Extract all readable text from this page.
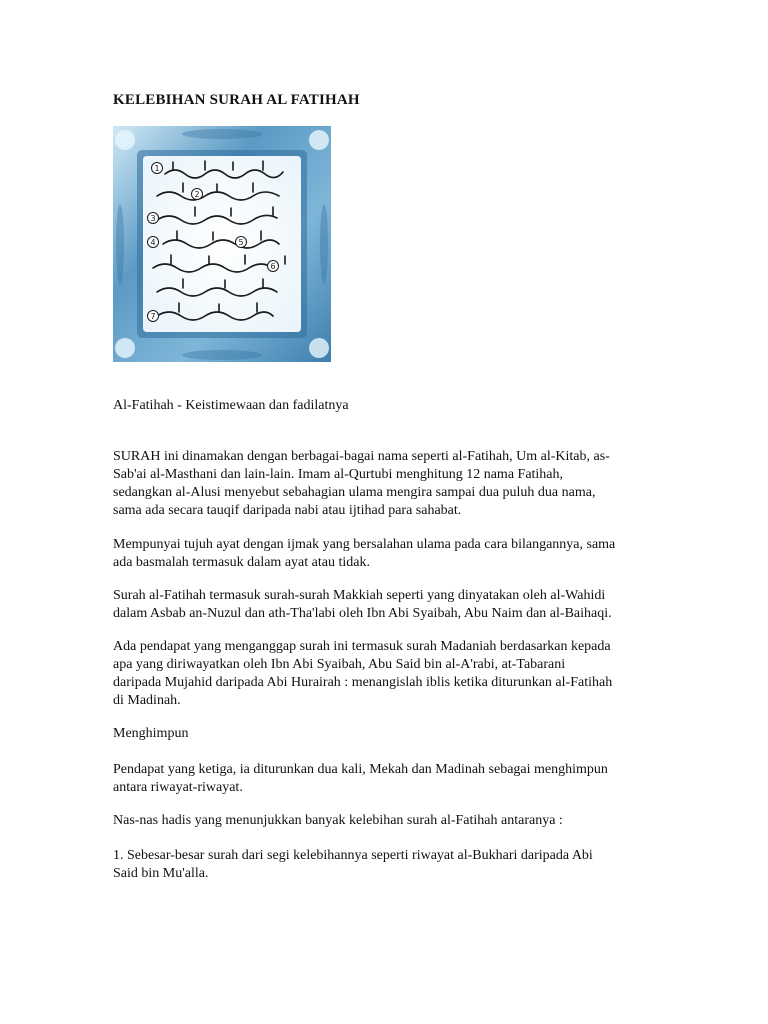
KELEBIHAN SURAH AL FATIHAH
1
2
3
4	5
6
7
Al-Fatihah - Keistimewaan dan fadilatnya
SURAH ini dinamakan dengan berbagai-bagai nama seperti al-Fatihah, Um al-Kitab, as-
Sab'ai al-Masthani dan lain-lain. Imam al-Qurtubi menghitung 12 nama Fatihah,
sedangkan al-Alusi menyebut sebahagian ulama mengira sampai dua puluh dua nama,
sama ada secara tauqif daripada nabi atau ijtihad para sahabat.
Mempunyai tujuh ayat dengan ijmak yang bersalahan ulama pada cara bilangannya, sama
ada basmalah termasuk dalam ayat atau tidak.
Surah al-Fatihah termasuk surah-surah Makkiah seperti yang dinyatakan oleh al-Wahidi
dalam Asbab an-Nuzul dan ath-Tha'labi oleh Ibn Abi Syaibah, Abu Naim dan al-Baihaqi.
Ada pendapat yang menganggap surah ini termasuk surah Madaniah berdasarkan kepada
apa yang diriwayatkan oleh Ibn Abi Syaibah, Abu Said bin al-A'rabi, at-Tabarani
daripada Mujahid daripada Abi Hurairah : menangislah iblis ketika diturunkan al-Fatihah
di Madinah.
Menghimpun
Pendapat yang ketiga, ia diturunkan dua kali, Mekah dan Madinah sebagai menghimpun
antara riwayat-riwayat.
Nas-nas hadis yang menunjukkan banyak kelebihan surah al-Fatihah antaranya :
1. Sebesar-besar surah dari segi kelebihannya seperti riwayat al-Bukhari daripada Abi
Said bin Mu'alla.
